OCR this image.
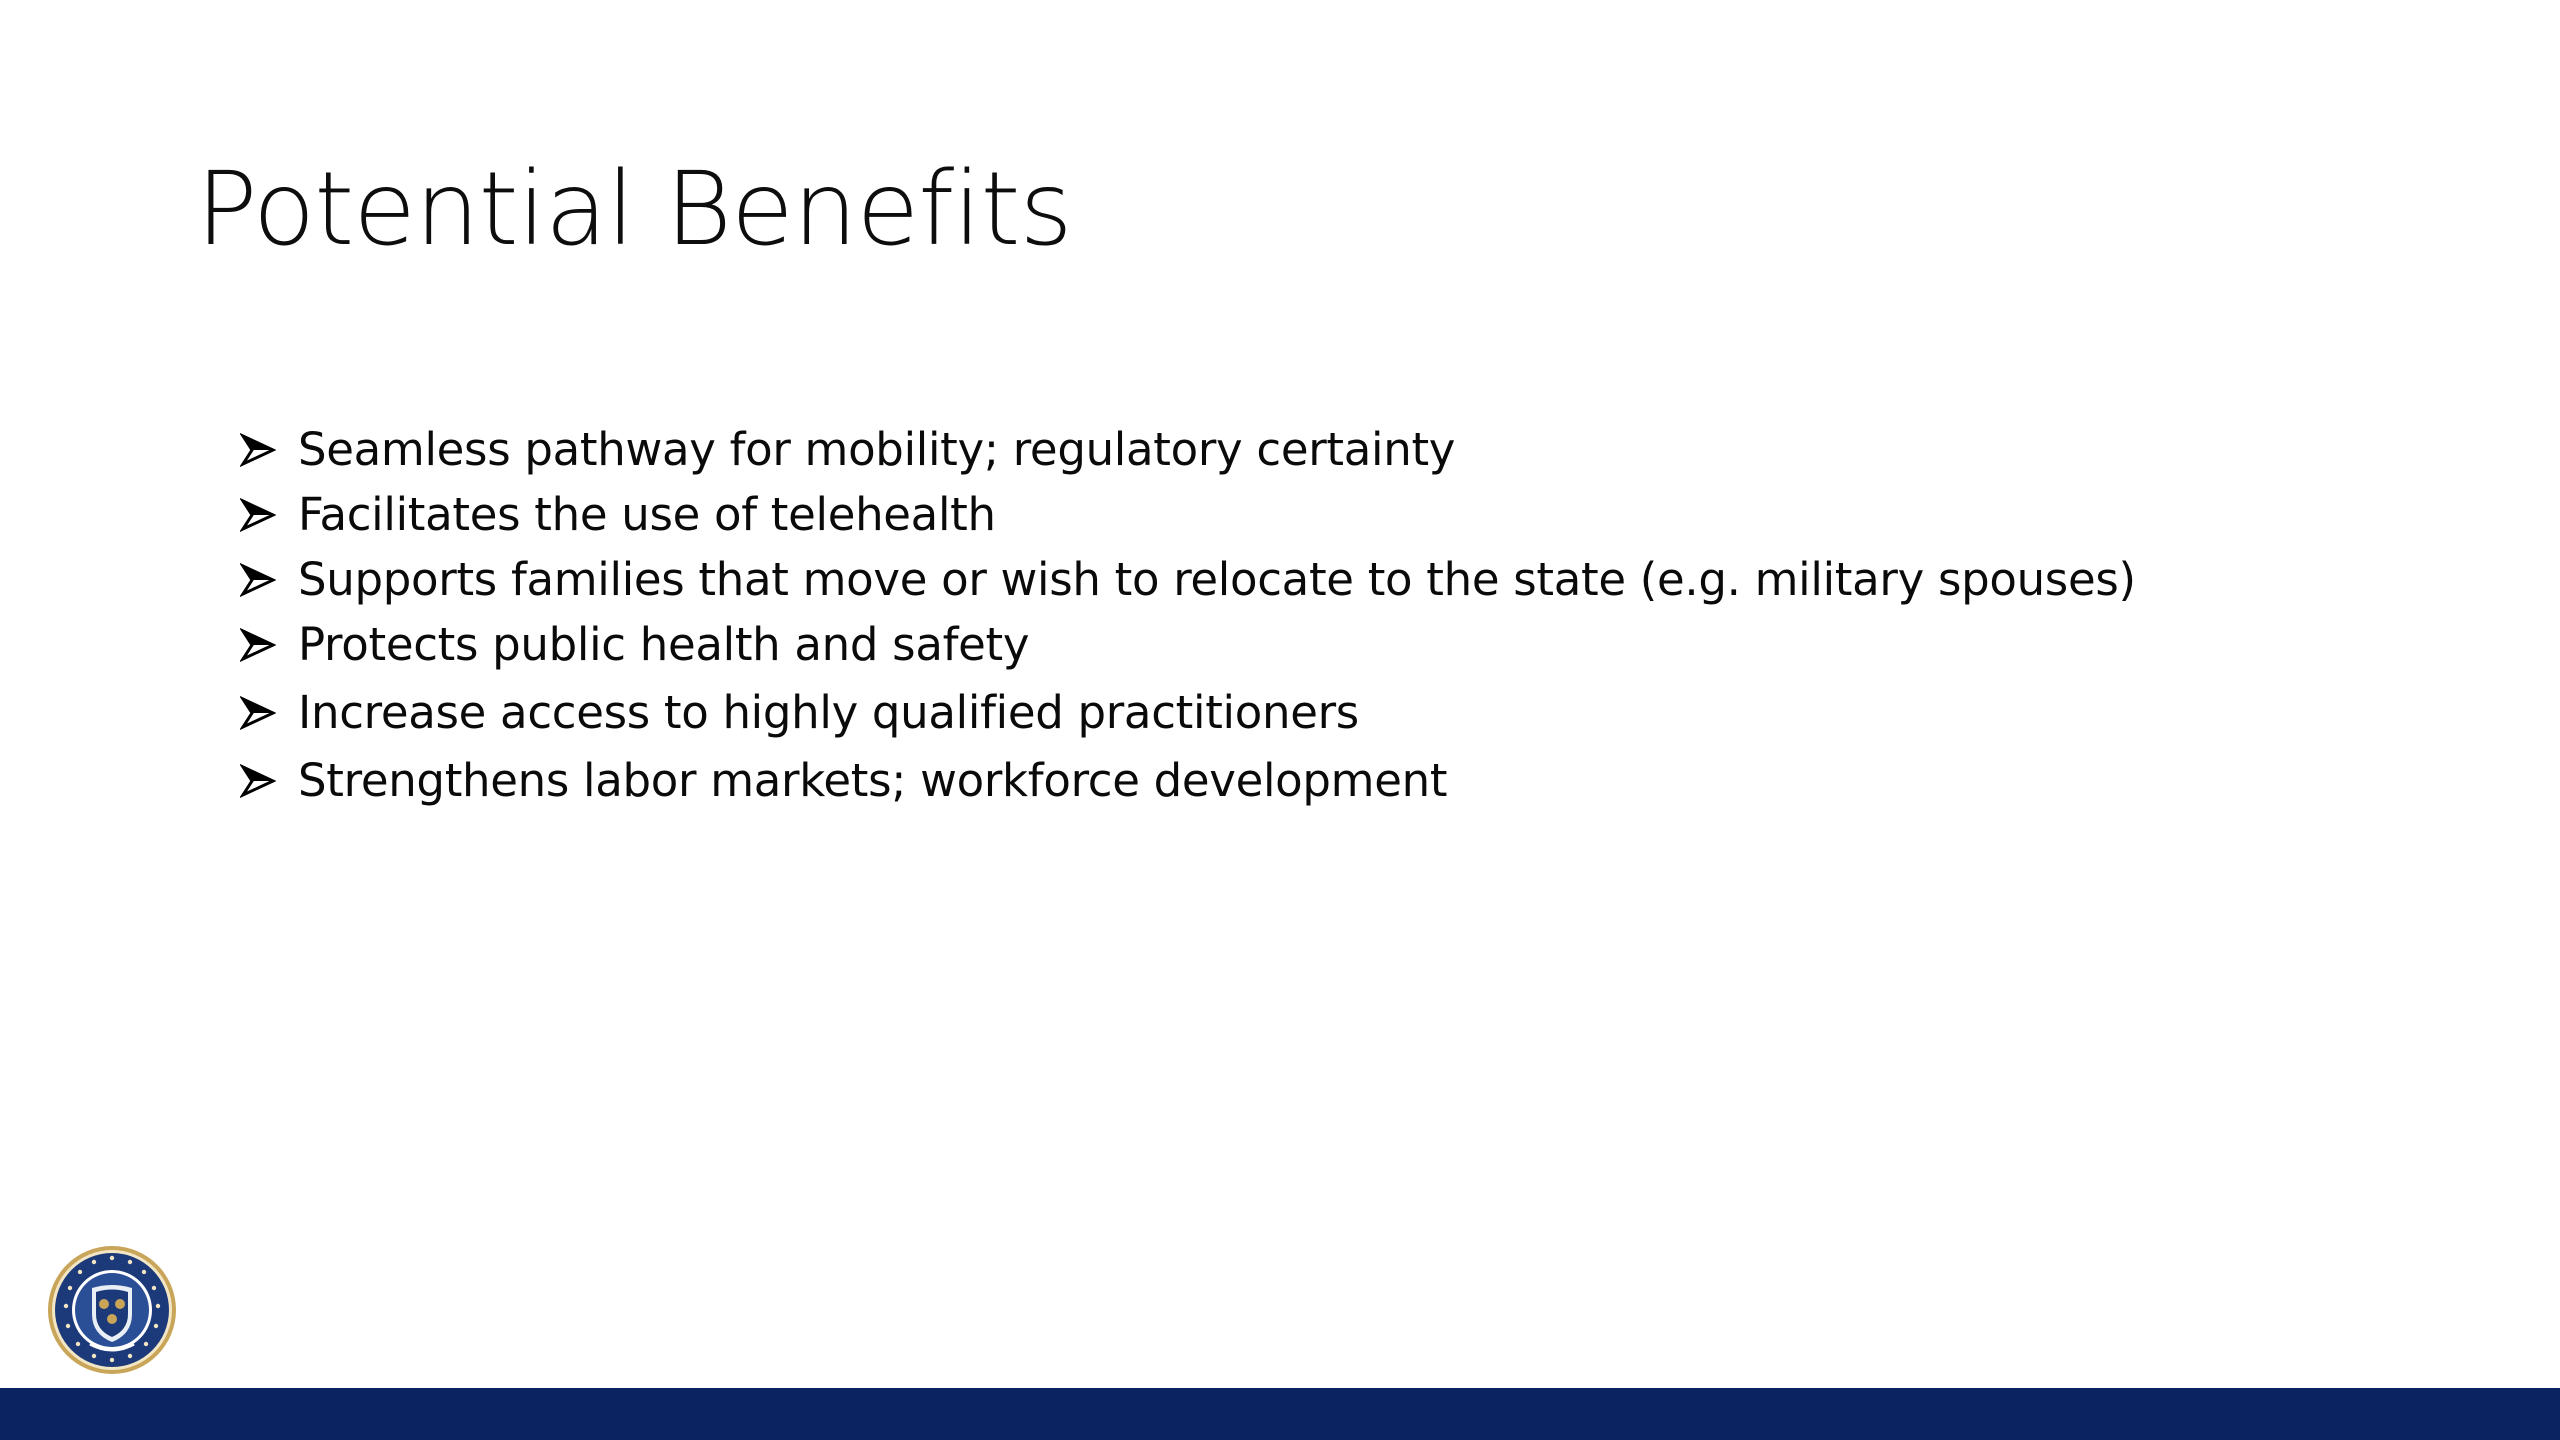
Potential Benefits
Seamless pathway for mobility; regulatory certainty
Facilitates the use of telehealth
Supports families that move or wish to relocate to the state (e.g. military spouses)
Protects public health and safety
Increase access to highly qualified practitioners
Strengthens labor markets; workforce development
